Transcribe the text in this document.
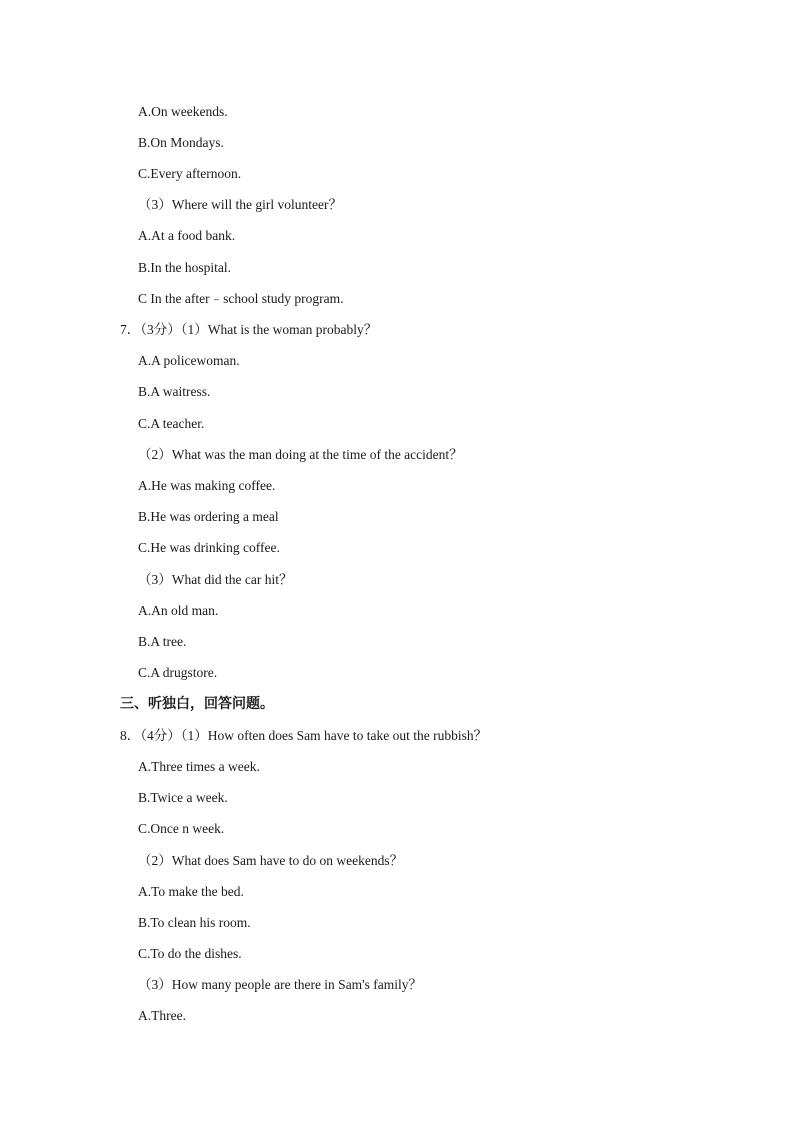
A.On weekends.
B.On Mondays.
C.Every afternoon.
（3）Where will the girl volunteer？
A.At a food bank.
B.In the hospital.
C In the after﹣school study program.
7．（3分）（1）What is the woman probably？
A.A policewoman.
B.A waitress.
C.A teacher.
（2）What was the man doing at the time of the accident？
A.He was making coffee.
B.He was ordering a meal
C.He was drinking coffee.
（3）What did the car hit？
A.An old man.
B.A tree.
C.A drugstore.
三、听独白，回答问题。
8．（4分）（1）How often does Sam have to take out the rubbish？
A.Three times a week.
B.Twice a week.
C.Once n week.
（2）What does Sam have to do on weekends？
A.To make the bed.
B.To clean his room.
C.To do the dishes.
（3）How many people are there in Sam's family？
A.Three.
